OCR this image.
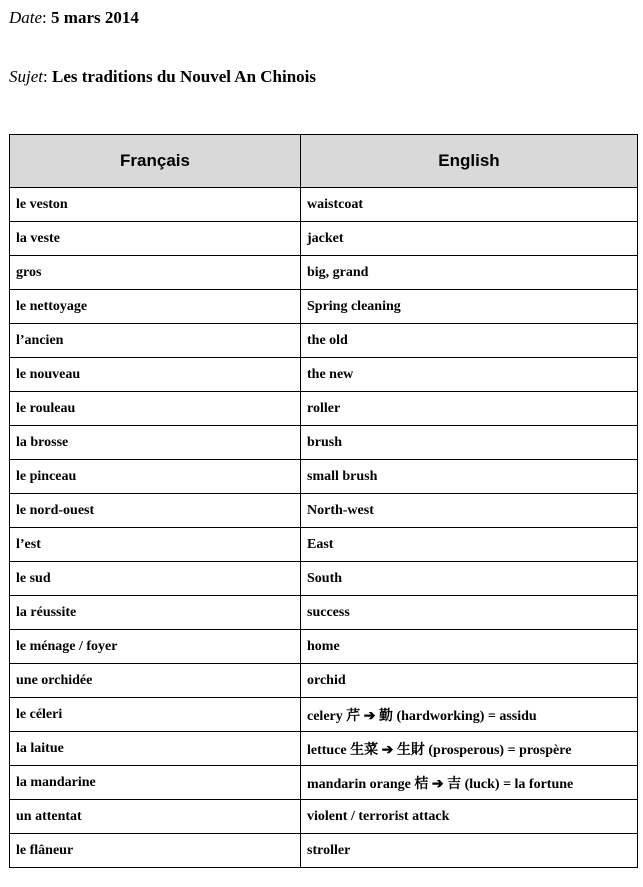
Date: 5 mars 2014
Sujet: Les traditions du Nouvel An Chinois
Français	English
le veston	waistcoat
la veste	jacket
gros	big, grand
le nettoyage	Spring cleaning
l’ancien	the old
le nouveau	the new
le rouleau	roller
la brosse	brush
le pinceau	small brush
le nord-ouest	North-west
l’est	East
le sud	South
la réussite	success
le ménage / foyer	home
une orchidée	orchid
le céleri	celery 芹 ➔ 勤 (hardworking) = assidu
la laitue	lettuce 生菜 ➔ 生財 (prosperous) = prospère
la mandarine	mandarin orange 桔 ➔ 吉 (luck) = la fortune
un attentat	violent / terrorist attack
le flâneur	stroller
